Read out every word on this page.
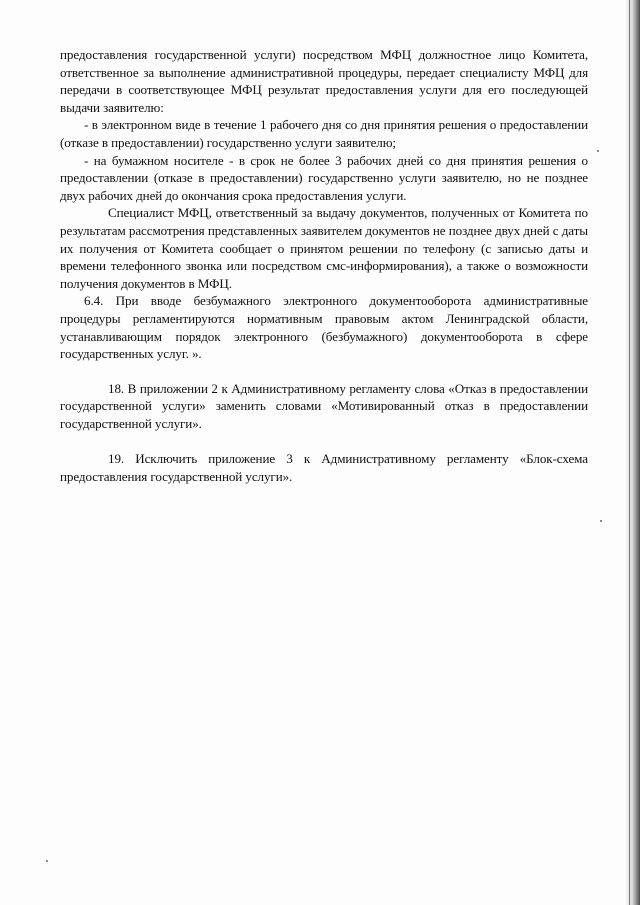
предоставления государственной услуги) посредством МФЦ должностное лицо Комитета, ответственное за выполнение административной процедуры, передает специалисту МФЦ для передачи в соответствующее МФЦ результат предоставления услуги для его последующей выдачи заявителю:

- в электронном виде в течение 1 рабочего дня со дня принятия решения о предоставлении (отказе в предоставлении) государственно услуги заявителю;

- на бумажном носителе - в срок не более 3 рабочих дней со дня принятия решения о предоставлении (отказе в предоставлении) государственно услуги заявителю, но не позднее двух рабочих дней до окончания срока предоставления услуги.

Специалист МФЦ, ответственный за выдачу документов, полученных от Комитета по результатам рассмотрения представленных заявителем документов не позднее двух дней с даты их получения от Комитета сообщает о принятом решении по телефону (с записью даты и времени телефонного звонка или посредством смс-информирования), а также о возможности получения документов в МФЦ.

6.4. При вводе безбумажного электронного документооборота административные процедуры регламентируются нормативным правовым актом Ленинградской области, устанавливающим порядок электронного (безбумажного) документооборота в сфере государственных услуг. ».

18. В приложении 2 к Административному регламенту слова «Отказ в предоставлении государственной услуги» заменить словами «Мотивированный отказ в предоставлении государственной услуги».

19. Исключить приложение 3 к Административному регламенту «Блок-схема предоставления государственной услуги».
